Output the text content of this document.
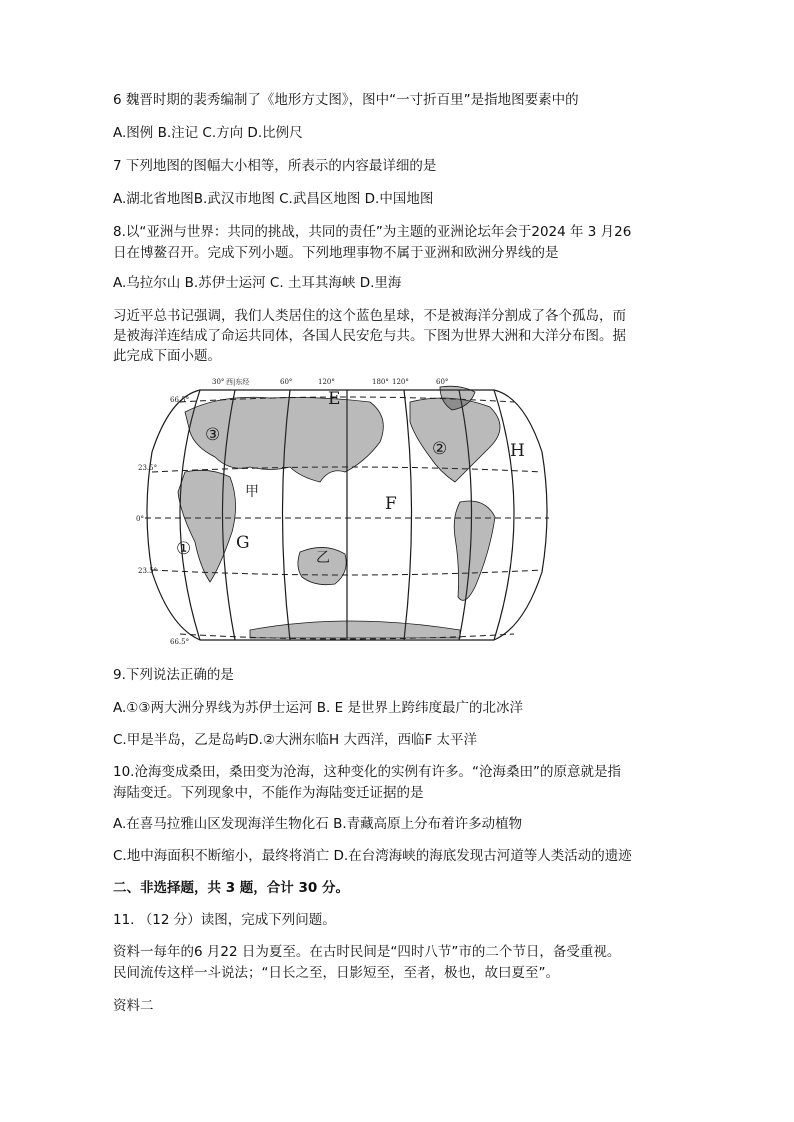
6 魏晋时期的裴秀编制了《地形方丈图》，图中“一寸折百里”是指地图要素中的
A.图例 B.注记 C.方向 D.比例尺
7 下列地图的图幅大小相等，所表示的内容最详细的是
A.湖北省地图B.武汉市地图 C.武昌区地图 D.中国地图
8.以“亚洲与世界：共同的挑战，共同的责任”为主题的亚洲论坛年会于2024 年 3 月26
日在博鳌召开。完成下列小题。下列地理事物不属于亚洲和欧洲分界线的是
A.乌拉尔山 B.苏伊士运河 C. 土耳其海峡 D.里海
习近平总书记强调，我们人类居住的这个蓝色星球，不是被海洋分割成了各个孤岛，而
是被海洋连结成了命运共同体，各国人民安危与共。下图为世界大洲和大洋分布图。据
此完成下面小题。
30° 西|东经	60°	120°	180° 120°	60°
66.5°
23.5°
0°
23.5°
66.5°
E
F
G
H
甲
乙
①
②
③
9.下列说法正确的是
A.①③两大洲分界线为苏伊士运河 B. E 是世界上跨纬度最广的北冰洋
C.甲是半岛，乙是岛屿D.②大洲东临H 大西洋，西临F 太平洋
10.沧海变成桑田，桑田变为沧海，这种变化的实例有许多。“沧海桑田”的原意就是指
海陆变迁。下列现象中，不能作为海陆变迁证据的是
A.在喜马拉雅山区发现海洋生物化石 B.青藏高原上分布着许多动植物
C.地中海面积不断缩小，最终将消亡 D.在台湾海峡的海底发现古河道等人类活动的遗迹
二、非选择题，共 3 题，合计 30 分。
11. （12 分）读图，完成下列问题。
资料一每年的6 月22 日为夏至。在古时民间是“四时八节”市的二个节日，备受重视。
民间流传这样一斗说法；“日长之至，日影短至，至者，极也，故曰夏至”。
资料二
